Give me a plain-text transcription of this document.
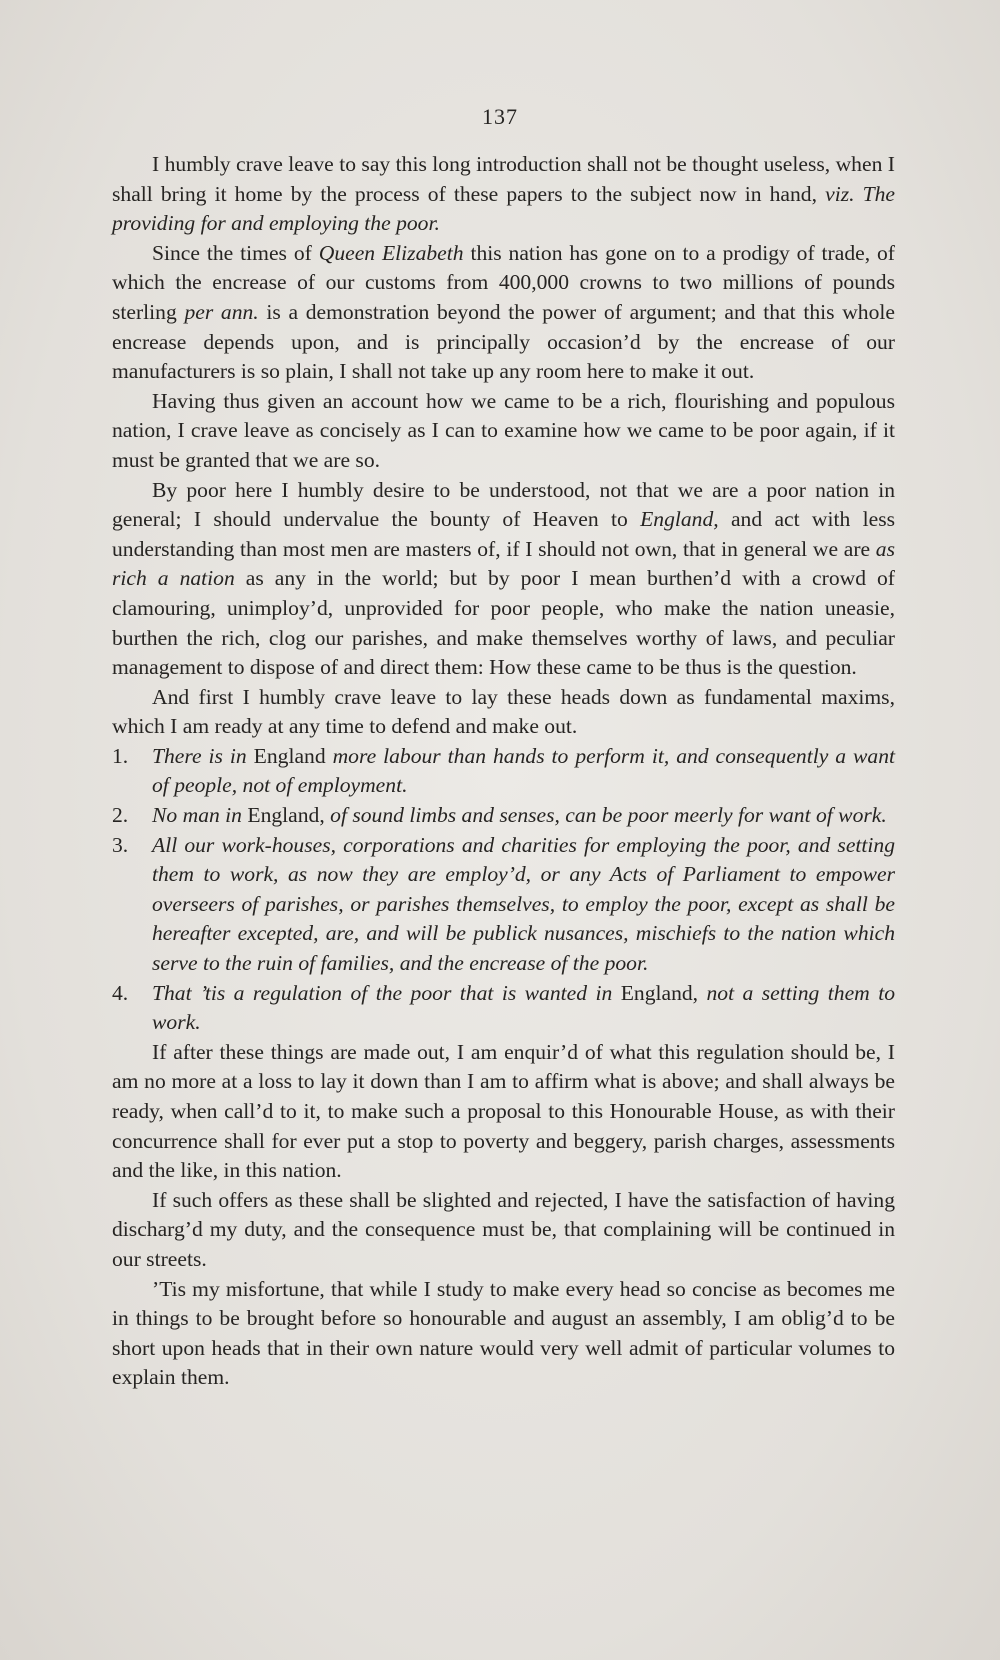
137

I humbly crave leave to say this long introduction shall not be thought useless, when I shall bring it home by the process of these papers to the subject now in hand, viz. The providing for and employing the poor.

Since the times of Queen Elizabeth this nation has gone on to a prodigy of trade, of which the encrease of our customs from 400,000 crowns to two millions of pounds sterling per ann. is a demonstration beyond the power of argument; and that this whole encrease depends upon, and is principally occasion’d by the encrease of our manufacturers is so plain, I shall not take up any room here to make it out.

Having thus given an account how we came to be a rich, flourishing and populous nation, I crave leave as concisely as I can to examine how we came to be poor again, if it must be granted that we are so.

By poor here I humbly desire to be understood, not that we are a poor nation in general; I should undervalue the bounty of Heaven to England, and act with less understanding than most men are masters of, if I should not own, that in general we are as rich a nation as any in the world; but by poor I mean burthen’d with a crowd of clamouring, unimploy’d, unprovided for poor people, who make the nation uneasie, burthen the rich, clog our parishes, and make themselves worthy of laws, and peculiar management to dispose of and direct them: How these came to be thus is the question.

And first I humbly crave leave to lay these heads down as fundamental maxims, which I am ready at any time to defend and make out.

1. There is in England more labour than hands to perform it, and consequently a want of people, not of employment.
2. No man in England, of sound limbs and senses, can be poor meerly for want of work.
3. All our work-houses, corporations and charities for employing the poor, and setting them to work, as now they are employ’d, or any Acts of Parliament to empower overseers of parishes, or parishes themselves, to employ the poor, except as shall be hereafter excepted, are, and will be publick nusances, mischiefs to the nation which serve to the ruin of families, and the encrease of the poor.
4. That ’tis a regulation of the poor that is wanted in England, not a setting them to work.

If after these things are made out, I am enquir’d of what this regulation should be, I am no more at a loss to lay it down than I am to affirm what is above; and shall always be ready, when call’d to it, to make such a proposal to this Honourable House, as with their concurrence shall for ever put a stop to poverty and beggery, parish charges, assessments and the like, in this nation.

If such offers as these shall be slighted and rejected, I have the satisfaction of having discharg’d my duty, and the consequence must be, that complaining will be continued in our streets.

’Tis my misfortune, that while I study to make every head so concise as becomes me in things to be brought before so honourable and august an assembly, I am oblig’d to be short upon heads that in their own nature would very well admit of particular volumes to explain them.
